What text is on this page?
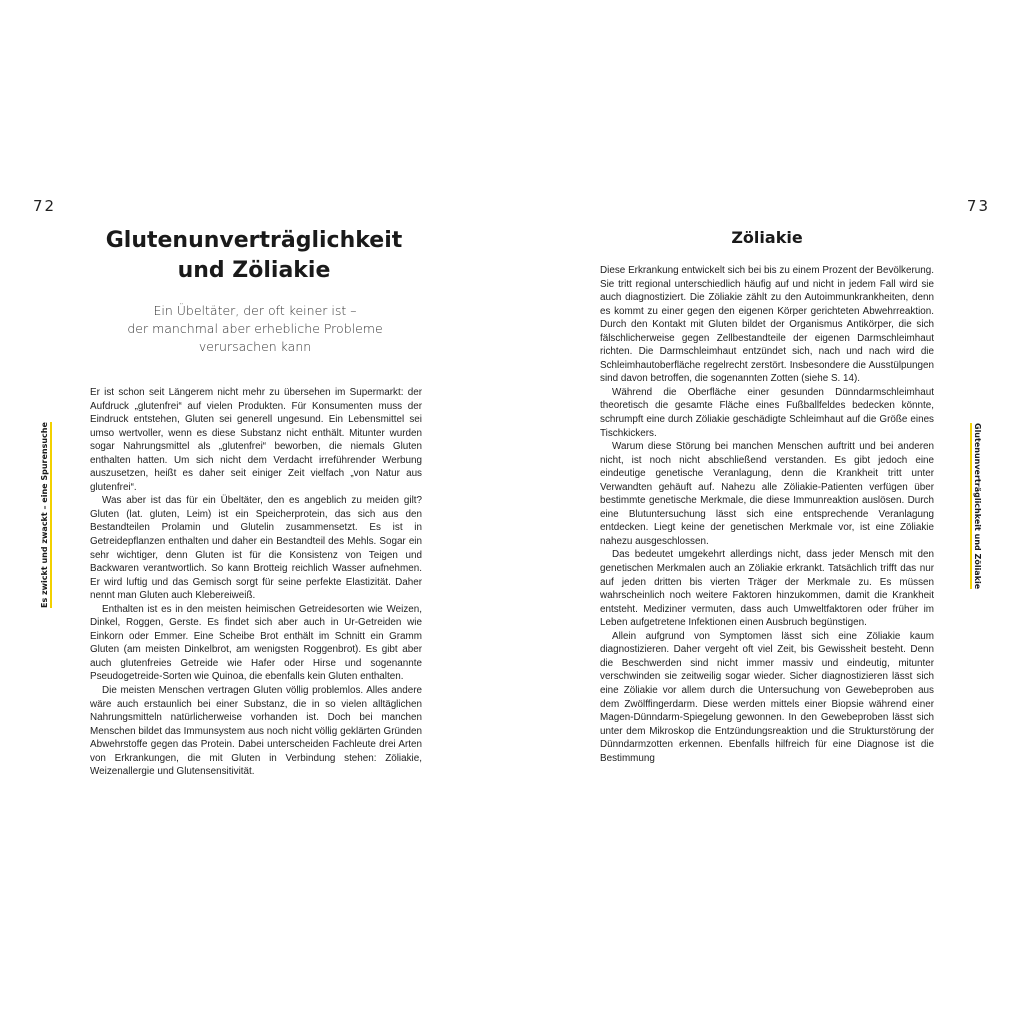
72
Glutenunverträglichkeit
und Zöliakie
Ein Übeltäter, der oft keiner ist –
der manchmal aber erhebliche Probleme
verursachen kann

Er ist schon seit Längerem nicht mehr zu übersehen im Supermarkt: der Aufdruck „glutenfrei“ auf vielen Produkten. Für Konsumenten muss der Eindruck entstehen, Gluten sei generell ungesund. Ein Lebensmittel sei umso wertvoller, wenn es diese Substanz nicht enthält. Mitunter wurden sogar Nahrungsmittel als „glutenfrei“ beworben, die niemals Gluten enthalten hatten. Um sich nicht dem Verdacht irreführender Werbung auszusetzen, heißt es daher seit einiger Zeit vielfach „von Natur aus glutenfrei“.

Was aber ist das für ein Übeltäter, den es angeblich zu meiden gilt? Gluten (lat. gluten, Leim) ist ein Speicherprotein, das sich aus den Bestandteilen Prolamin und Glutelin zusammensetzt. Es ist in Getreidepflanzen enthalten und daher ein Bestandteil des Mehls. Sogar ein sehr wichtiger, denn Gluten ist für die Konsistenz von Teigen und Backwaren verantwortlich. So kann Brotteig reichlich Wasser aufnehmen. Er wird luftig und das Gemisch sorgt für seine perfekte Elastizität. Daher nennt man Gluten auch Klebereiweiß.

Enthalten ist es in den meisten heimischen Getreidesorten wie Weizen, Dinkel, Roggen, Gerste. Es findet sich aber auch in Ur-Getreiden wie Einkorn oder Emmer. Eine Scheibe Brot enthält im Schnitt ein Gramm Gluten (am meisten Dinkelbrot, am wenigsten Roggenbrot). Es gibt aber auch glutenfreies Getreide wie Hafer oder Hirse und sogenannte Pseudogetreide-Sorten wie Quinoa, die ebenfalls kein Gluten enthalten.

Die meisten Menschen vertragen Gluten völlig problemlos. Alles andere wäre auch erstaunlich bei einer Substanz, die in so vielen alltäglichen Nahrungsmitteln natürlicherweise vorhanden ist. Doch bei manchen Menschen bildet das Immunsystem aus noch nicht völlig geklärten Gründen Abwehrstoffe gegen das Protein. Dabei unterscheiden Fachleute drei Arten von Erkrankungen, die mit Gluten in Verbindung stehen: Zöliakie, Weizenallergie und Glutensensitivität.

Es zwickt und zwackt – eine Spurensuche
73
Zöliakie

Diese Erkrankung entwickelt sich bei bis zu einem Prozent der Bevölkerung. Sie tritt regional unterschiedlich häufig auf und nicht in jedem Fall wird sie auch diagnostiziert. Die Zöliakie zählt zu den Autoimmunkrankheiten, denn es kommt zu einer gegen den eigenen Körper gerichteten Abwehrreaktion. Durch den Kontakt mit Gluten bildet der Organismus Antikörper, die sich fälschlicherweise gegen Zellbestandteile der eigenen Darmschleimhaut richten. Die Darmschleimhaut entzündet sich, nach und nach wird die Schleimhautoberfläche regelrecht zerstört. Insbesondere die Ausstülpungen sind davon betroffen, die sogenannten Zotten (siehe S. 14).

Während die Oberfläche einer gesunden Dünndarmschleimhaut theoretisch die gesamte Fläche eines Fußballfeldes bedecken könnte, schrumpft eine durch Zöliakie geschädigte Schleimhaut auf die Größe eines Tischkickers.

Warum diese Störung bei manchen Menschen auftritt und bei anderen nicht, ist noch nicht abschließend verstanden. Es gibt jedoch eine eindeutige genetische Veranlagung, denn die Krankheit tritt unter Verwandten gehäuft auf. Nahezu alle Zöliakie-Patienten verfügen über bestimmte genetische Merkmale, die diese Immunreaktion auslösen. Durch eine Blutuntersuchung lässt sich eine entsprechende Veranlagung entdecken. Liegt keine der genetischen Merkmale vor, ist eine Zöliakie nahezu ausgeschlossen.

Das bedeutet umgekehrt allerdings nicht, dass jeder Mensch mit den genetischen Merkmalen auch an Zöliakie erkrankt. Tatsächlich trifft das nur auf jeden dritten bis vierten Träger der Merkmale zu. Es müssen wahrscheinlich noch weitere Faktoren hinzukommen, damit die Krankheit entsteht. Mediziner vermuten, dass auch Umweltfaktoren oder früher im Leben aufgetretene Infektionen einen Ausbruch begünstigen.

Allein aufgrund von Symptomen lässt sich eine Zöliakie kaum diagnostizieren. Daher vergeht oft viel Zeit, bis Gewissheit besteht. Denn die Beschwerden sind nicht immer massiv und eindeutig, mitunter verschwinden sie zeitweilig sogar wieder. Sicher diagnostizieren lässt sich eine Zöliakie vor allem durch die Untersuchung von Gewebeproben aus dem Zwölffingerdarm. Diese werden mittels einer Biopsie während einer Magen-Dünndarm-Spiegelung gewonnen. In den Gewebeproben lässt sich unter dem Mikroskop die Entzündungsreaktion und die Strukturstörung der Dünndarmzotten erkennen. Ebenfalls hilfreich für eine Diagnose ist die Bestimmung

Glutenunverträglichkeit und Zöliakie
